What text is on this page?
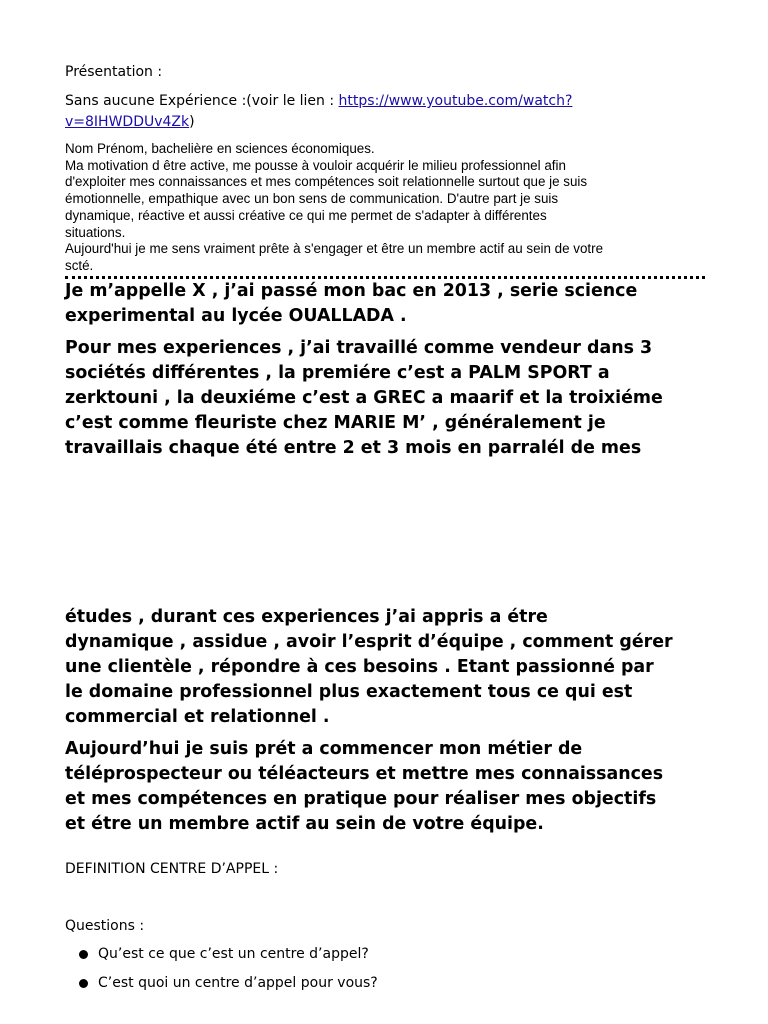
Présentation :

Sans aucune Expérience :(voir le lien : https://www.youtube.com/watch?
v=8IHWDDUv4Zk)

Nom Prénom, bachelière en sciences économiques.

Ma motivation d être active, me pousse à vouloir acquérir le milieu professionnel afin

d'exploiter mes connaissances et mes compétences soit relationnelle surtout que je suis

émotionnelle, empathique avec un bon sens de communication. D'autre part je suis

dynamique, réactive et aussi créative ce qui me permet de s'adapter à différentes

situations.

Aujourd'hui je me sens vraiment prête à s'engager et être un membre actif au sein de votre

scté.

Je m’appelle X , j’ai passé mon bac en 2013 , serie science
experimental au lycée OUALLADA .
Pour mes experiences , j’ai travaillé comme vendeur dans 3
sociétés différentes , la premiére c’est a PALM SPORT a
zerktouni , la deuxiéme c’est a GREC a maarif et la troixiéme
c’est comme fleuriste chez MARIE M’ , généralement je
travaillais chaque été entre 2 et 3 mois en parralél de mes
études , durant ces experiences j’ai appris a étre
dynamique , assidue , avoir l’esprit d’équipe , comment gérer
une clientèle , répondre à ces besoins . Etant passionné par
le domaine professionnel plus exactement tous ce qui est
commercial et relationnel .
Aujourd’hui je suis prét a commencer mon métier de
téléprospecteur ou téléacteurs et mettre mes connaissances
et mes compétences en pratique pour réaliser mes objectifs
et étre un membre actif au sein de votre équipe.

DEFINITION CENTRE D’APPEL :

Questions :

Qu’est ce que c’est un centre d’appel?
C’est quoi un centre d’appel pour vous?
